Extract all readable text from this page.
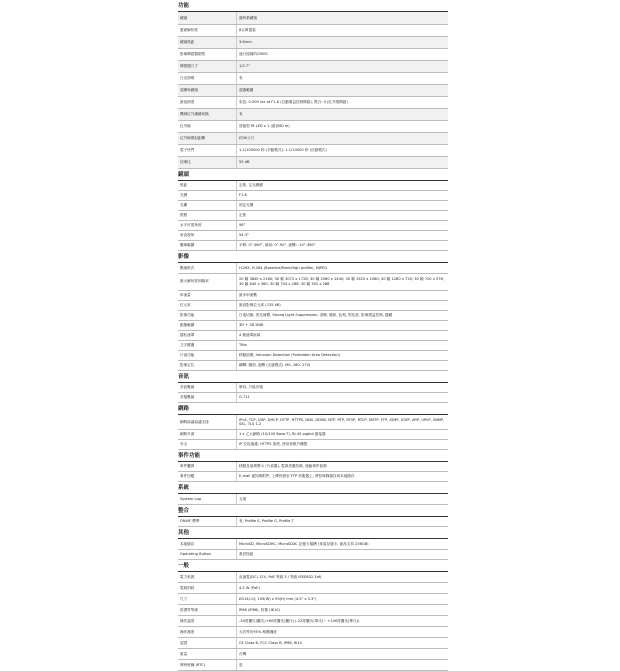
功能
鏡頭	過時系鏡頭
畫面解析度	8百萬畫素
鏡頭焦距	3.6mm
影像傳感器類型	逐行掃描的CMOS
傳感器尺寸	1/2.7"
白光照明	有
超廣角鏡頭	超過範圍
最低照度	彩色: 0.009 lux at F1.6 (自動增益控制開啟), 黑白: 0 (紅外燈開啟)
機械紅外濾鏡切換	有
紅外線	智能型 IR LED x 1 (最高60 m)
紅外線照射距離	約30公尺
電子快門	1-1/100000 秒 (手動模式); 1-1/10000 秒 (自動模式)
信噪比	55 dB
鏡頭
焦距	定焦, 定光圈鏡
光圈	F1.6
光闌	固定光圈
焦點	定焦
水平可視角度	98°
垂直視角	54.3°
攝像範圍	平移: 0°-360°, 傾斜: 0°-90°, 旋轉: -10°-360°
影像
壓縮格式	H.265, H.264 (Baseline/Main/High profile), MJPEG
最大解析度和幀率	20 幀 3840 x 2160; 30 幀 3072 x 1728; 30 幀 2560 x 1440; 30 幀 1920 x 1080; 30 幀 1280 x 720; 30 幀 720 x 576; 30 幀 640 x 360; 30 幀 704 x 288; 30 幀 352 x 288
串流量	最多串流數
位元率	最高影像位元率 (135 kB)
影像功能	日夜切換, 背光補償, Strong Light Suppression, 清晰, 飽和, 色相, 對比度, 影像增益控制, 隱藏
動態範圍	3D + 3D DNR
隱私遮罩	4 個遮罩區域
文字覆疊	Title
片偵功能	移動偵測, Intrusion Detection (Forbidden Area Detection)
影像定位	翻轉, 鏡面, 旋轉 (走廊模式) (90, 180, 270)
音訊
音訊壓縮	單向, 只能音頻
音頻壓縮	G.711
網路
網路協議協議支援	IPv4, TCP, UDP, DHCP, HTTP, HTTPS, DNS, DDNS, NTP, RTP, RTSP, RTCP, SMTP, FTP, IGMP, ICMP, ARP, UPnP, SNMP, SSL, TLS 1.2
網路介面	1 x 乙太網路 (10/100 Base-T), RJ-45 pigtail 連接器
安全	IP 位址過濾, HTTPS 加密, 使用者帳戶權限
事件功能
事件觸發	移動及偵測警示 (片偵器), 電源供應故障, 遮蔽事件偵測
事件回應	E-mail 通知與附件, 上傳快照至 FTP 伺服器上, 將影像錄儲存到本地儲存
系統
System Log	支援
整合
ONVIF 標準	有, Profile S, Profile G, Profile T
其他
本地儲存	MicroSD, MicroSDHC, MicroSDXC 記憶卡插槽 (來賓存儲卡, 最高支持 256GB)
Operating Button	重設按鈕
一般
電力來源	直流電(DC) 12V, PoE 等級 3 / 等級 IEEE802.3af)
電源消耗	4.5 W (PoE)
尺寸	Ø114(-0); 105(W) x 93(H) mm (4.5" x 3.3")
防護等等級	IP66 (IP66), 防暴 (IK10)
操作溫度	-30度攝氏(攝氏)+60度攝氏(攝氏) (-22度攝氏(華氏)~ +140度攝氏(華氏))
操作濕度	大於等於95% 相關濕度
認證	CE Class B, FCC Class B, IP66, IK10
重量	台灣
實時時鐘 (RTC)	是
